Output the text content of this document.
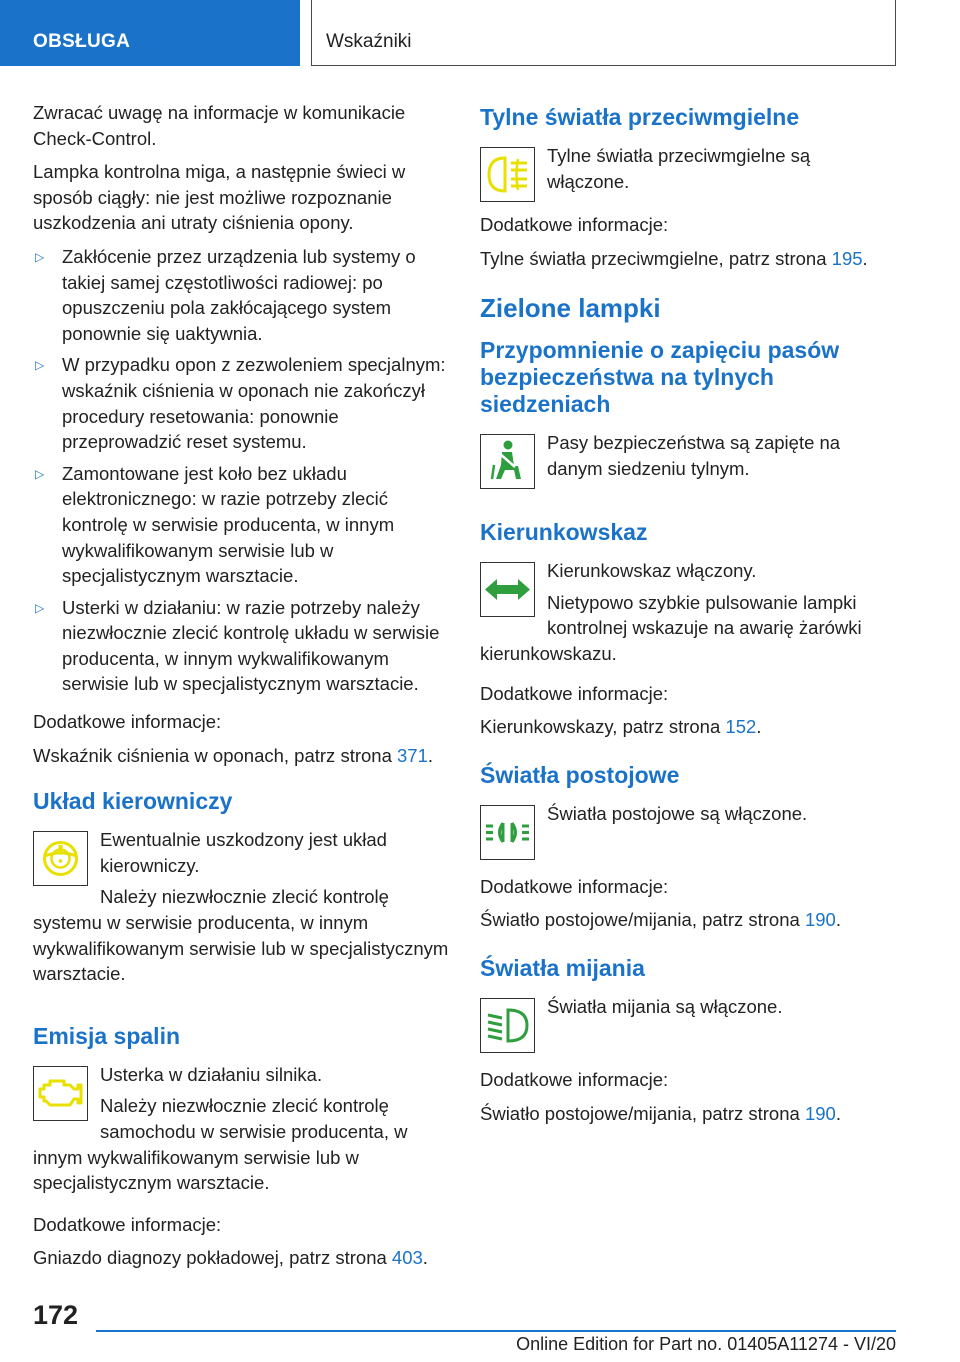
OBSŁUGA	Wskaźniki

Zwracać uwagę na informacje w komunikacie Check-Control.

Lampka kontrolna miga, a następnie świeci w sposób ciągły: nie jest możliwe rozpoznanie uszkodzenia ani utraty ciśnienia opony.

▷ Zakłócenie przez urządzenia lub systemy o takiej samej częstotliwości radiowej: po opuszczeniu pola zakłócającego system ponownie się uaktywnia.
▷ W przypadku opon z zezwoleniem specjalnym: wskaźnik ciśnienia w oponach nie zakończył procedury resetowania: ponownie przeprowadzić reset systemu.
▷ Zamontowane jest koło bez układu elektronicznego: w razie potrzeby zlecić kontrolę w serwisie producenta, w innym wykwalifikowanym serwisie lub w specjalistycznym warsztacie.
▷ Usterki w działaniu: w razie potrzeby należy niezwłocznie zlecić kontrolę układu w serwisie producenta, w innym wykwalifikowanym serwisie lub w specjalistycznym warsztacie.

Dodatkowe informacje:

Wskaźnik ciśnienia w oponach, patrz strona 371.

Układ kierowniczy

Ewentualnie uszkodzony jest układ kierowniczy.

Należy niezwłocznie zlecić kontrolę systemu w serwisie producenta, w innym wykwalifikowanym serwisie lub w specjalistycznym warsztacie.

Emisja spalin

Usterka w działaniu silnika.

Należy niezwłocznie zlecić kontrolę samochodu w serwisie producenta, w innym wykwalifikowanym serwisie lub w specjalistycznym warsztacie.

Dodatkowe informacje:

Gniazdo diagnozy pokładowej, patrz strona 403.

Tylne światła przeciwmgielne

Tylne światła przeciwmgielne są włączone.

Dodatkowe informacje:

Tylne światła przeciwmgielne, patrz strona 195.

Zielone lampki
Przypomnienie o zapięciu pasów bezpieczeństwa na tylnych siedzeniach

Pasy bezpieczeństwa są zapięte na danym siedzeniu tylnym.

Kierunkowskaz

Kierunkowskaz włączony.

Nietypowo szybkie pulsowanie lampki kontrolnej wskazuje na awarię żarówki kierunkowskazu.

Dodatkowe informacje:

Kierunkowskazy, patrz strona 152.

Światła postojowe

Światła postojowe są włączone.

Dodatkowe informacje:

Światło postojowe/mijania, patrz strona 190.

Światła mijania

Światła mijania są włączone.

Dodatkowe informacje:

Światło postojowe/mijania, patrz strona 190.

172
Online Edition for Part no. 01405A11274 - VI/20
